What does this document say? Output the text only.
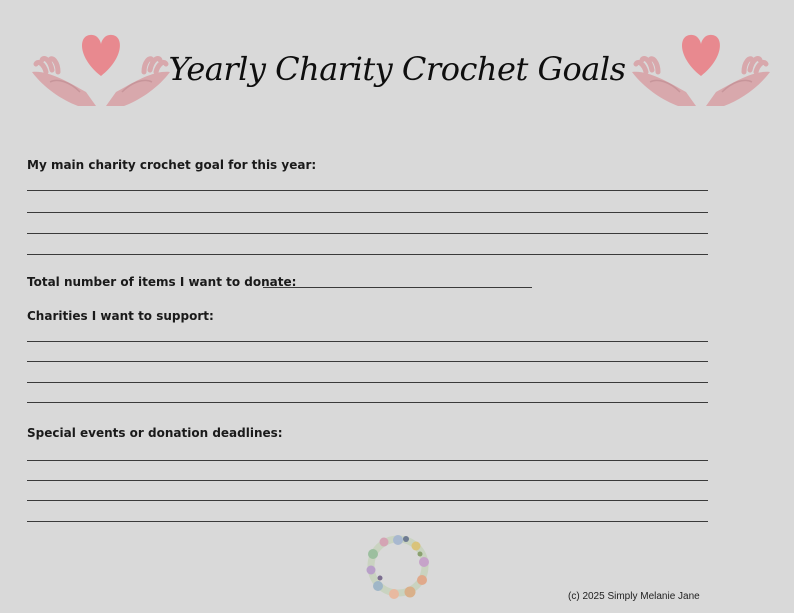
Yearly Charity Crochet Goals
My main charity crochet goal for this year:
Total number of items I want to donate:
Charities I want to support:
Special events or donation deadlines:
(c) 2025 Simply Melanie Jane
